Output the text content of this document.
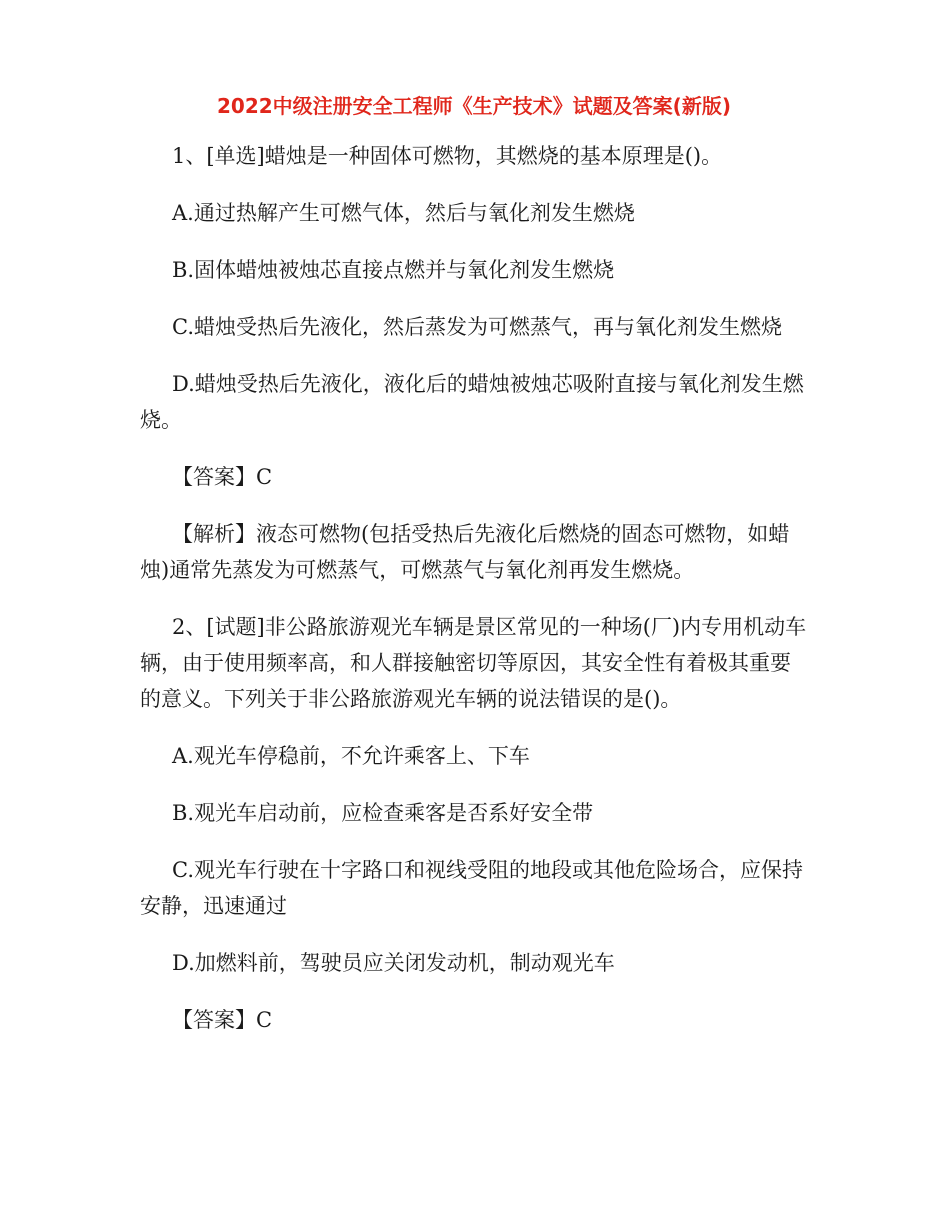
2022中级注册安全工程师《生产技术》试题及答案(新版)

1、[单选]蜡烛是一种固体可燃物，其燃烧的基本原理是()。

A.通过热解产生可燃气体，然后与氧化剂发生燃烧

B.固体蜡烛被烛芯直接点燃并与氧化剂发生燃烧

C.蜡烛受热后先液化，然后蒸发为可燃蒸气，再与氧化剂发生燃烧

D.蜡烛受热后先液化，液化后的蜡烛被烛芯吸附直接与氧化剂发生燃烧。

【答案】C

【解析】液态可燃物(包括受热后先液化后燃烧的固态可燃物，如蜡烛)通常先蒸发为可燃蒸气，可燃蒸气与氧化剂再发生燃烧。

2、[试题]非公路旅游观光车辆是景区常见的一种场(厂)内专用机动车辆，由于使用频率高，和人群接触密切等原因，其安全性有着极其重要的意义。下列关于非公路旅游观光车辆的说法错误的是()。

A.观光车停稳前，不允许乘客上、下车

B.观光车启动前，应检查乘客是否系好安全带

C.观光车行驶在十字路口和视线受阻的地段或其他危险场合，应保持安静，迅速通过

D.加燃料前，驾驶员应关闭发动机，制动观光车

【答案】C
